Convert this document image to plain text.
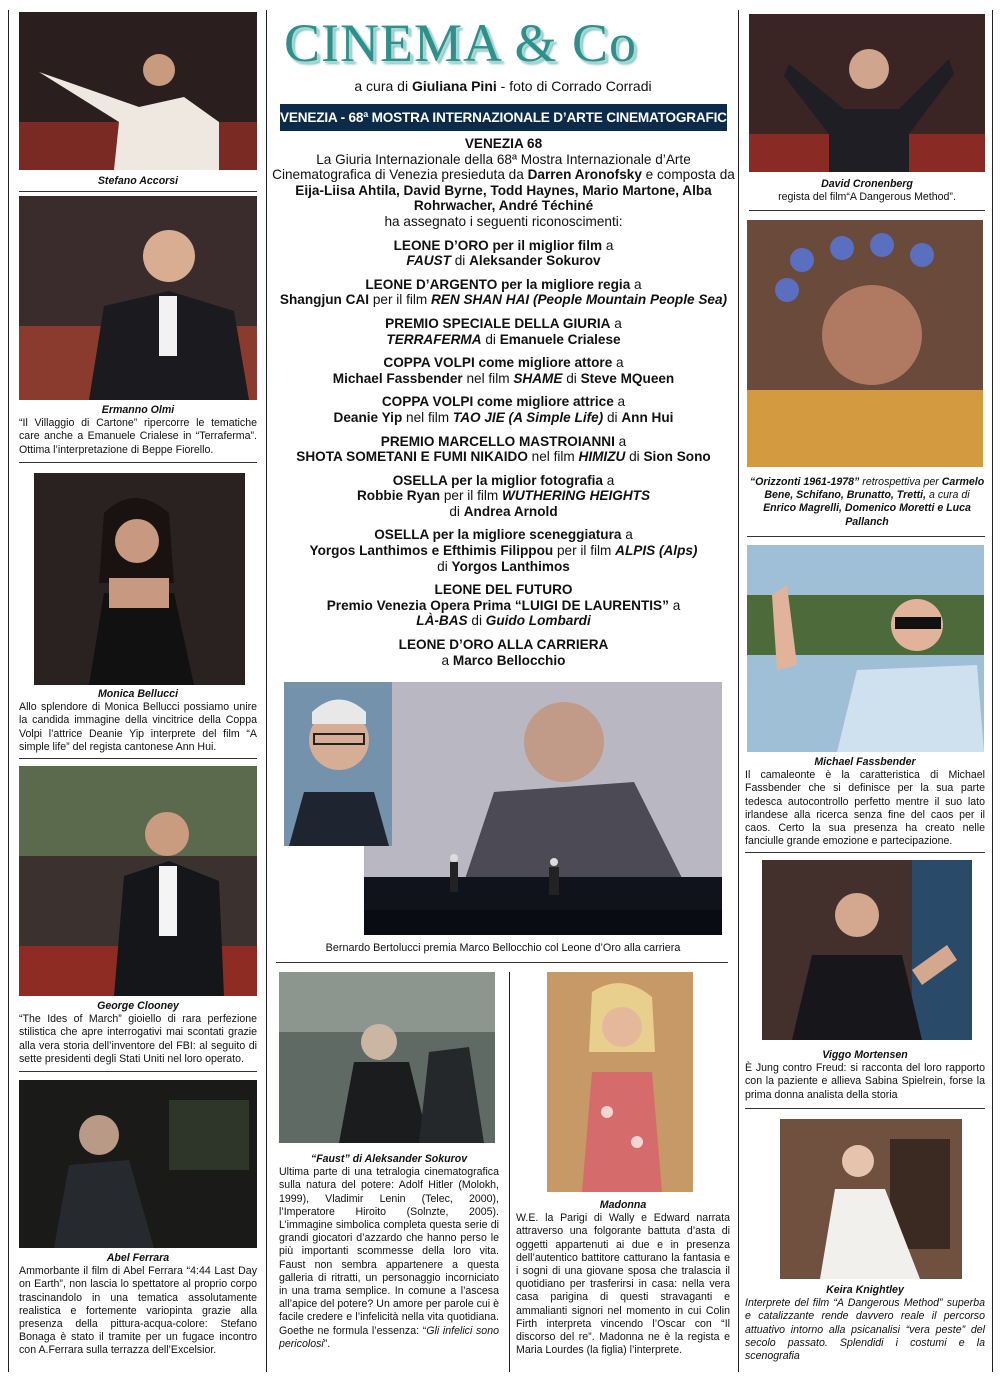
Stefano Accorsi
Ermanno Olmi
“Il Villaggio di Cartone” ripercorre le tematiche care anche a Emanuele Crialese in “Terraferma”. Ottima l’interpretazione di Beppe Fiorello.
Monica Bellucci
Allo splendore di Monica Bellucci possiamo unire la candida immagine della vincitrice della Coppa Volpi l’attrice Deanie Yip interprete del film “A simple life” del regista cantonese Ann Hui.
George Clooney
“The Ides of March” gioiello di rara perfezione stilistica che apre interrogativi mai scontati grazie alla vera storia dell’inventore del FBI: al seguito di sette presidenti degli Stati Uniti nel loro operato.
Abel Ferrara
Ammorbante il film di Abel Ferrara “4:44 Last Day on Earth”, non lascia lo spettatore al proprio corpo trascinandolo in una tematica assolutamente realistica e fortemente variopinta grazie alla presenza della pittura-acqua-colore: Stefano Bonaga è stato il tramite per un fugace incontro con A.Ferrara sulla terrazza dell’Excelsior.
CINEMA & Co
a cura di Giuliana Pini - foto di Corrado Corradi
VENEZIA - 68ª MOSTRA INTERNAZIONALE D’ARTE CINEMATOGRAFICA

VENEZIA 68
La Giuria Internazionale della 68ª Mostra Internazionale d’Arte Cinematografica di Venezia presieduta da Darren Aronofsky e composta da Eija-Liisa Ahtila, David Byrne, Todd Haynes, Mario Martone, Alba Rohrwacher, André Téchiné
ha assegnato i seguenti riconoscimenti:

LEONE D’ORO per il miglior film a
FAUST di Aleksander Sokurov

LEONE D’ARGENTO per la migliore regia a
Shangjun CAI per il film REN SHAN HAI (People Mountain People Sea)

PREMIO SPECIALE DELLA GIURIA a
TERRAFERMA di Emanuele Crialese

COPPA VOLPI come migliore attore a
Michael Fassbender nel film SHAME di Steve MQueen

COPPA VOLPI come migliore attrice a
Deanie Yip nel film TAO JIE (A Simple Life) di Ann Hui

PREMIO MARCELLO MASTROIANNI a
SHOTA SOMETANI E FUMI NIKAIDO nel film HIMIZU di Sion Sono

OSELLA per la miglior fotografia a
Robbie Ryan per il film WUTHERING HEIGHTS
di Andrea Arnold

OSELLA per la migliore sceneggiatura a
Yorgos Lanthimos e Efthimis Filippou per il film ALPIS (Alps)
di Yorgos Lanthimos

LEONE DEL FUTURO
Premio Venezia Opera Prima “LUIGI DE LAURENTIS” a
LÀ-BAS di Guido Lombardi

LEONE D’ORO ALLA CARRIERA
a Marco Bellocchio

Bernardo Bertolucci premia Marco Bellocchio col Leone d’Oro alla carriera
“Faust” di Aleksander Sokurov
Ultima parte di una tetralogia cinematografica sulla natura del potere: Adolf Hitler (Molokh, 1999), Vladimir Lenin (Telec, 2000), l’Imperatore Hiroito (Solnzte, 2005). L’immagine simbolica completa questa serie di grandi giocatori d’azzardo che hanno perso le più importanti scommesse della loro vita. Faust non sembra appartenere a questa galleria di ritratti, un personaggio incorniciato in una trama semplice. In comune a l’ascesa all’apice del potere? Un amore per parole cui è facile credere e l’infelicità nella vita quotidiana. Goethe ne formula l’essenza: “Gli infelici sono pericolosi”.
Madonna
W.E. la Parigi di Wally e Edward narrata attraverso una folgorante battuta d’asta di oggetti appartenuti ai due e in presenza dell’autentico battitore catturano la fantasia e i sogni di una giovane sposa che tralascia il quotidiano per trasferirsi in casa: nella vera casa parigina di questi stravaganti e ammalianti signori nel momento in cui Colin Firth interpreta vincendo l’Oscar con “Il discorso del re”. Madonna ne è la regista e Maria Lourdes (la figlia) l’interprete.
David Cronenberg
regista del film“A Dangerous Method”.
“Orizzonti 1961-1978” retrospettiva per Carmelo Bene, Schifano, Brunatto, Tretti, a cura di Enrico Magrelli, Domenico Moretti e Luca Pallanch
Michael Fassbender
Il camaleonte è la caratteristica di Michael Fassbender che si definisce per la sua parte tedesca autocontrollo perfetto mentre il suo lato irlandese alla ricerca senza fine del caos per il caos. Certo la sua presenza ha creato nelle fanciulle grande emozione e partecipazione.
Viggo Mortensen
È Jung contro Freud: si racconta del loro rapporto con la paziente e allieva Sabina Spielrein, forse la prima donna analista della storia
Keira Knightley
Interprete del film “A Dangerous Method” superba e catalizzante rende davvero reale il percorso attuativo intorno alla psicanalisi “vera peste” del secolo passato. Splendidi i costumi e la scenografia
